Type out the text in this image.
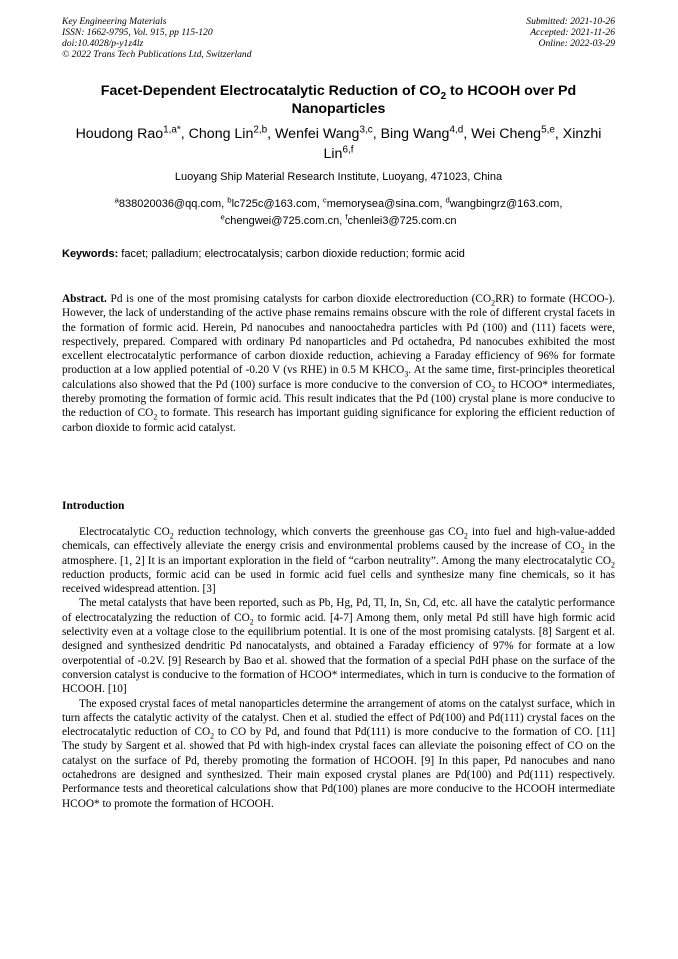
Key Engineering Materials
ISSN: 1662-9795, Vol. 915, pp 115-120
doi:10.4028/p-y1z4lz
© 2022 Trans Tech Publications Ltd, Switzerland
Submitted: 2021-10-26
Accepted: 2021-11-26
Online: 2022-03-29
Facet-Dependent Electrocatalytic Reduction of $CO_2$ to HCOOH over Pd Nanoparticles
Houdong Rao$^{1,a*}$, Chong Lin$^{2,b}$, Wenfei Wang$^{3,c}$, Bing Wang$^{4,d}$, Wei Cheng$^{5,e}$, Xinzhi Lin$^{6,f}$
Luoyang Ship Material Research Institute, Luoyang, 471023, China
$^a$838020036@qq.com, $^b$lc725c@163.com, $^c$memorysea@sina.com, $^d$wangbingrz@163.com,
$^e$chengwei@725.com.cn, $^f$chenlei3@725.com.cn
Keywords: facet; palladium; electrocatalysis; carbon dioxide reduction; formic acid
Abstract. Pd is one of the most promising catalysts for carbon dioxide electroreduction $(CO_2RR)$ to formate (HCOO-). However, the lack of understanding of the active phase remains remains obscure with the role of different crystal facets in the formation of formic acid. Herein, Pd nanocubes and nanooctahedra particles with Pd (100) and (111) facets were, respectively, prepared. Compared with ordinary Pd nanoparticles and Pd octahedra, Pd nanocubes exhibited the most excellent electrocatalytic performance of carbon dioxide reduction, achieving a Faraday efficiency of 96% for formate production at a low applied potential of -0.20 V (vs RHE) in 0.5 M $KHCO_3$. At the same time, first-principles theoretical calculations also showed that the Pd (100) surface is more conducive to the conversion of $CO_2$ to HCOO* intermediates, thereby promoting the formation of formic acid. This result indicates that the Pd (100) crystal plane is more conducive to the reduction of $CO_2$ to formate. This research has important guiding significance for exploring the efficient reduction of carbon dioxide to formic acid catalyst.
Introduction

Electrocatalytic $CO_2$ reduction technology, which converts the greenhouse gas $CO_2$ into fuel and high-value-added chemicals, can effectively alleviate the energy crisis and environmental problems caused by the increase of $CO_2$ in the atmosphere. [1, 2] It is an important exploration in the field of “carbon neutrality”. Among the many electrocatalytic $CO_2$ reduction products, formic acid can be used in formic acid fuel cells and synthesize many fine chemicals, so it has received widespread attention. [3]

The metal catalysts that have been reported, such as Pb, Hg, Pd, Tl, In, Sn, Cd, etc. all have the catalytic performance of electrocatalyzing the reduction of $CO_2$ to formic acid. [4-7] Among them, only metal Pd still have high formic acid selectivity even at a voltage close to the equilibrium potential. It is one of the most promising catalysts. [8] Sargent et al. designed and synthesized dendritic Pd nanocatalysts, and obtained a Faraday efficiency of 97% for formate at a low overpotential of -0.2V. [9] Research by Bao et al. showed that the formation of a special PdH phase on the surface of the conversion catalyst is conducive to the formation of HCOO* intermediates, which in turn is conducive to the formation of HCOOH. [10]

The exposed crystal faces of metal nanoparticles determine the arrangement of atoms on the catalyst surface, which in turn affects the catalytic activity of the catalyst. Chen et al. studied the effect of Pd(100) and Pd(111) crystal faces on the electrocatalytic reduction of $CO_2$ to CO by Pd, and found that Pd(111) is more conducive to the formation of CO. [11] The study by Sargent et al. showed that Pd with high-index crystal faces can alleviate the poisoning effect of CO on the catalyst on the surface of Pd, thereby promoting the formation of HCOOH. [9] In this paper, Pd nanocubes and nano octahedrons are designed and synthesized. Their main exposed crystal planes are Pd(100) and Pd(111) respectively. Performance tests and theoretical calculations show that Pd(100) planes are more conducive to the HCOOH intermediate HCOO* to promote the formation of HCOOH.
